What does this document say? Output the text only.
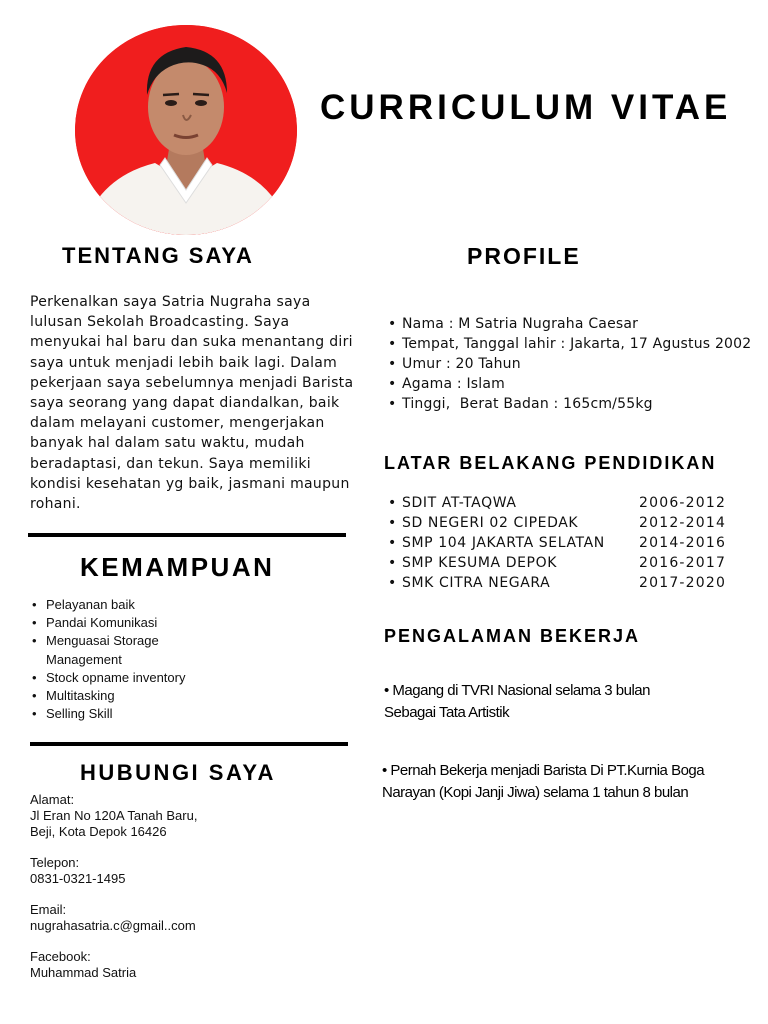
CURRICULUM VITAE
TENTANG SAYA
Perkenalkan saya Satria Nugraha saya lulusan Sekolah Broadcasting. Saya menyukai hal baru dan suka menantang diri saya untuk menjadi lebih baik lagi. Dalam pekerjaan saya sebelumnya menjadi Barista saya seorang yang dapat diandalkan, baik dalam melayani customer, mengerjakan banyak hal dalam satu waktu, mudah beradaptasi, dan tekun. Saya memiliki kondisi kesehatan yg baik, jasmani maupun rohani.
KEMAMPUAN
• Pelayanan baik
• Pandai Komunikasi
• Menguasai Storage Management
• Stock opname inventory
• Multitasking
• Selling Skill
HUBUNGI SAYA
Alamat:
Jl Eran No 120A Tanah Baru,
Beji, Kota Depok 16426
Telepon:
0831-0321-1495
Email:
nugrahasatria.c@gmail..com
Facebook:
Muhammad Satria
PROFILE
• Nama : M Satria Nugraha Caesar
• Tempat, Tanggal lahir : Jakarta, 17 Agustus 2002
• Umur : 20 Tahun
• Agama : Islam
• Tinggi,  Berat Badan : 165cm/55kg
LATAR BELAKANG PENDIDIKAN
• SDIT AT-TAQWA	2006-2012
• SD NEGERI 02 CIPEDAK	2012-2014
• SMP 104 JAKARTA SELATAN	2014-2016
• SMP KESUMA DEPOK	2016-2017
• SMK CITRA NEGARA	2017-2020
PENGALAMAN BEKERJA
• Magang di TVRI Nasional selama 3 bulan Sebagai Tata Artistik
• Pernah Bekerja menjadi Barista Di PT.Kurnia Boga Narayan (Kopi Janji Jiwa) selama 1 tahun 8 bulan
